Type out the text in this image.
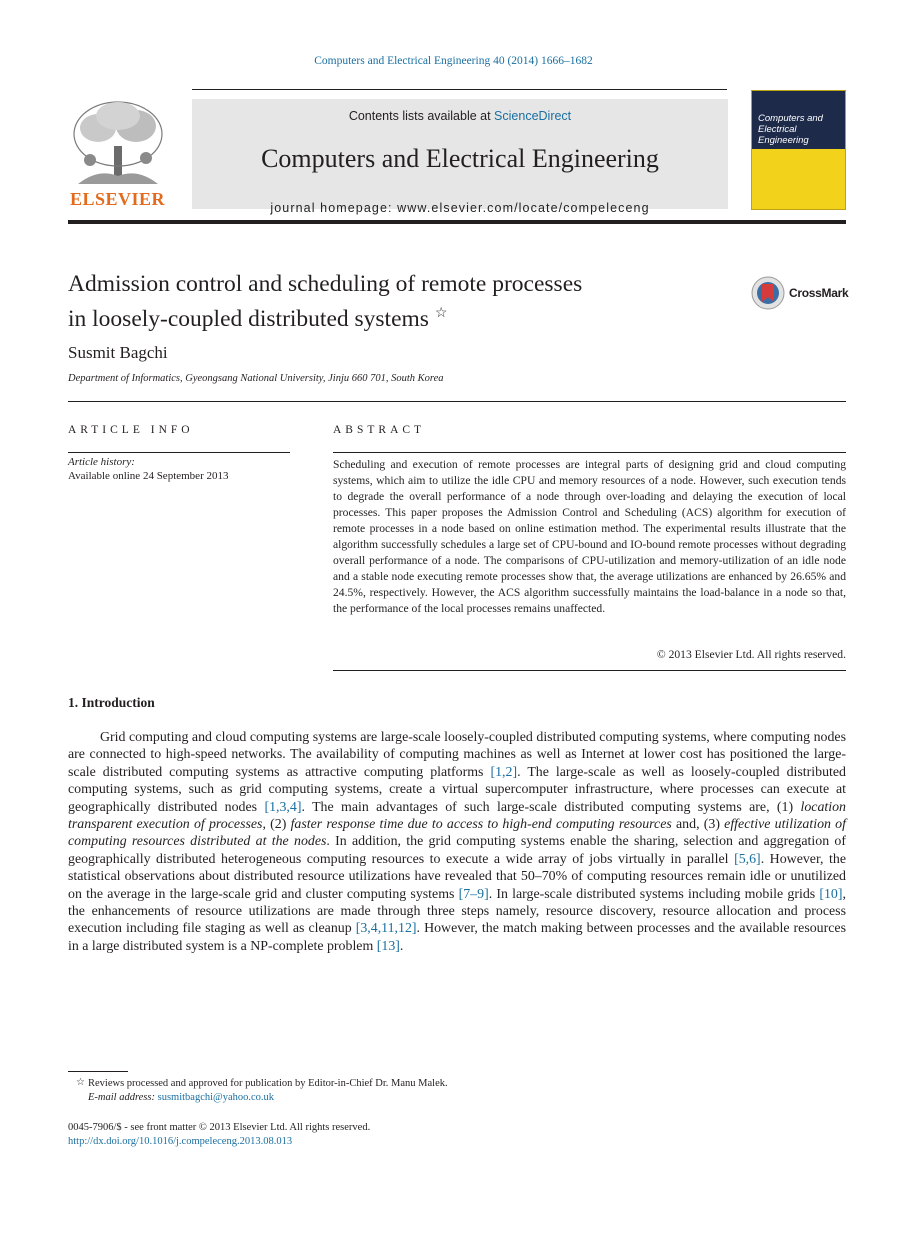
Computers and Electrical Engineering 40 (2014) 1666–1682
ELSEVIER
Contents lists available at ScienceDirect
Computers and Electrical Engineering
journal homepage: www.elsevier.com/locate/compeleceng
Computers and Electrical Engineering
Admission control and scheduling of remote processes
in loosely-coupled distributed systems ☆
CrossMark
Susmit Bagchi
Department of Informatics, Gyeongsang National University, Jinju 660 701, South Korea
ARTICLE INFO	ABSTRACT
Article history:
Available online 24 September 2013
Scheduling and execution of remote processes are integral parts of designing grid and cloud computing systems, which aim to utilize the idle CPU and memory resources of a node. However, such execution tends to degrade the overall performance of a node through over-loading and delaying the execution of local processes. This paper proposes the Admission Control and Scheduling (ACS) algorithm for execution of remote processes in a node based on online estimation method. The experimental results illustrate that the algorithm successfully schedules a large set of CPU-bound and IO-bound remote processes without degrading overall performance of a node. The comparisons of CPU-utilization and memory-utilization of an idle node and a stable node executing remote processes show that, the average utilizations are enhanced by 26.65% and 24.5%, respectively. However, the ACS algorithm successfully maintains the load-balance in a node so that, the performance of the local processes remains unaffected.
© 2013 Elsevier Ltd. All rights reserved.
1. Introduction
Grid computing and cloud computing systems are large-scale loosely-coupled distributed computing systems, where computing nodes are connected to high-speed networks. The availability of computing machines as well as Internet at lower cost has positioned the large-scale distributed computing systems as attractive computing platforms [1,2]. The large-scale as well as loosely-coupled distributed computing systems, such as grid computing systems, create a virtual supercomputer infrastructure, where processes can execute at geographically distributed nodes [1,3,4]. The main advantages of such large-scale distributed computing systems are, (1) location transparent execution of processes, (2) faster response time due to access to high-end computing resources and, (3) effective utilization of computing resources distributed at the nodes. In addition, the grid computing systems enable the sharing, selection and aggregation of geographically distributed heterogeneous computing resources to execute a wide array of jobs virtually in parallel [5,6]. However, the statistical observations about distributed resource utilizations have revealed that 50–70% of computing resources remain idle or unutilized on the average in the large-scale grid and cluster computing systems [7–9]. In large-scale distributed systems including mobile grids [10], the enhancements of resource utilizations are made through three steps namely, resource discovery, resource allocation and process execution including file staging as well as cleanup [3,4,11,12]. However, the match making between processes and the available resources in a large distributed system is a NP-complete problem [13].
☆ Reviews processed and approved for publication by Editor-in-Chief Dr. Manu Malek.
E-mail address: susmitbagchi@yahoo.co.uk
0045-7906/$ - see front matter © 2013 Elsevier Ltd. All rights reserved.
http://dx.doi.org/10.1016/j.compeleceng.2013.08.013
